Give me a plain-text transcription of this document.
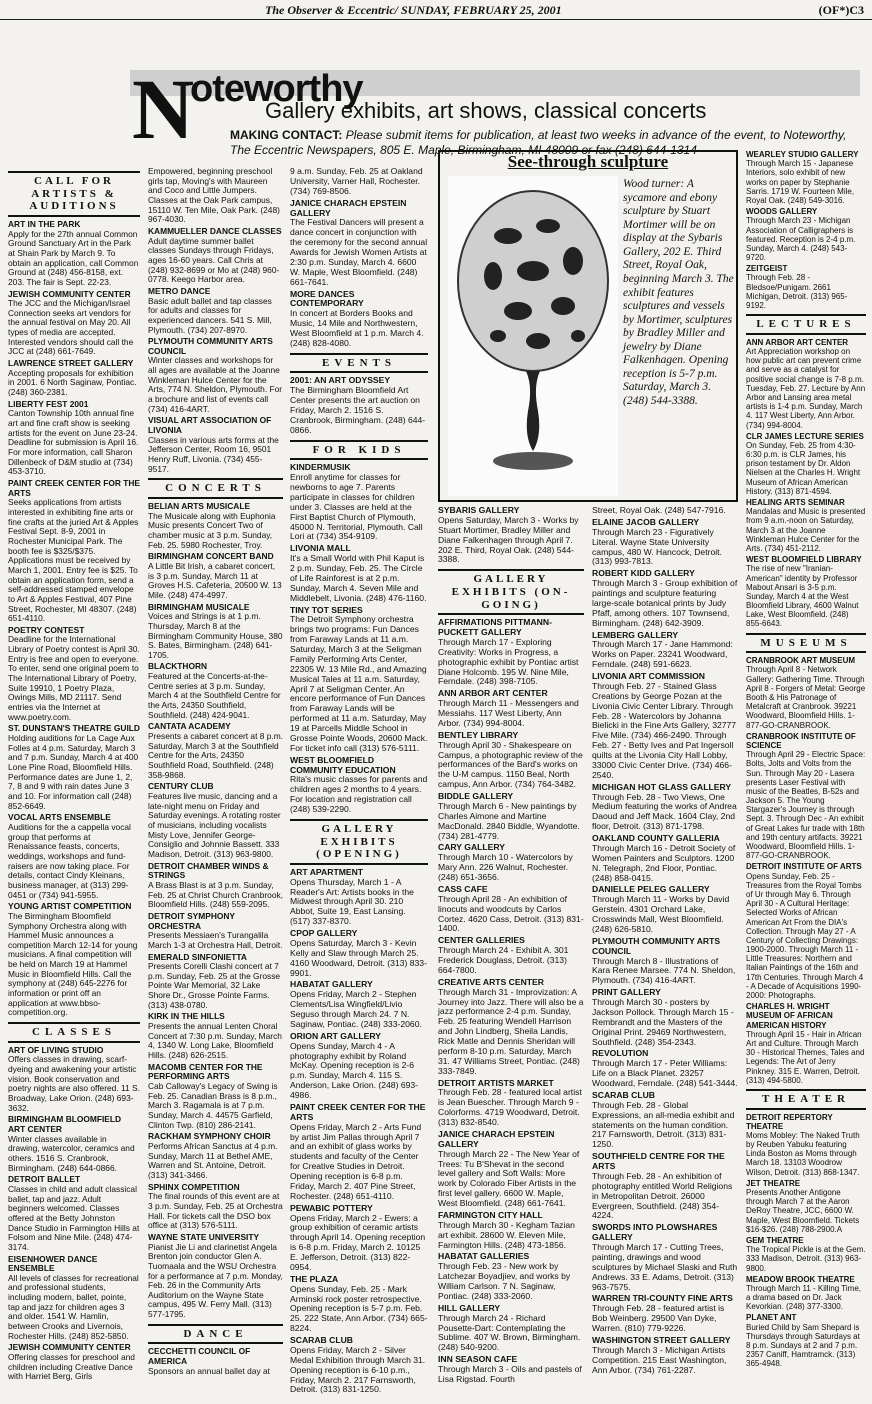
The Observer & Eccentric/ SUNDAY, FEBRUARY 25, 2001	(OF*)C3
N
oteworthy
Gallery exhibits, art shows, classical concerts
MAKING CONTACT: Please submit items for publication, at least two weeks in advance of the event, to Noteworthy, The Eccentric Newspapers, 805 E. Maple, Birmingham, MI 48009 or fax (248) 644-1314
CALL FOR ARTISTS & AUDITIONS
ART IN THE PARK
Apply for the 27th annual Common Ground Sanctuary Art in the Park at Shain Park by March 9. To obtain an application, call Common Ground at (248) 456-8158, ext. 203. The fair is Sept. 22-23.
JEWISH COMMUNITY CENTER
The JCC and the Michigan/Israel Connection seeks art vendors for the annual festival on May 20. All types of media are accepted. Interested vendors should call the JCC at (248) 661-7649.
LAWRENCE STREET GALLERY
Accepting proposals for exhibition in 2001. 6 North Saginaw, Pontiac. (248) 360-2381.
LIBERTY FEST 2001
Canton Township 10th annual fine art and fine craft show is seeking artists for the event on June 23-24. Deadline for submission is April 16. For more information, call Sharon Dillenbeck of D&M studio at (734) 453-3710.
PAINT CREEK CENTER FOR THE ARTS
Seeks applications from artists interested in exhibiting fine arts or fine crafts at the juried Art & Apples Festival Sept. 8-9, 2001 in Rochester Municipal Park. The booth fee is $325/$375. Applications must be received by March 1, 2001. Entry fee is $25. To obtain an application form, send a self-addressed stamped envelope to Art & Apples Festival, 407 Pine Street, Rochester, MI 48307. (248) 651-4110.
POETRY CONTEST
Deadline for the International Library of Poetry contest is April 30. Entry is free and open to everyone. To enter, send one original poem to The International Library of Poetry, Suite 19910, 1 Poetry Plaza, Owings Mills, MD 21117. Send entries via the Internet at www.poetry.com.
ST. DUNSTAN'S THEATRE GUILD
Holding auditions for La Cage Aux Folles at 4 p.m. Saturday, March 3 and 7 p.m. Sunday, March 4 at 400 Lone Pine Road, Bloomfield Hills. Performance dates are June 1, 2, 7, 8 and 9 with rain dates June 3 and 10. For information call (248) 852-6649.
VOCAL ARTS ENSEMBLE
Auditions for the a cappella vocal group that performs at Renaissance feasts, concerts, weddings, workshops and fund-raisers are now taking place. For details, contact Cindy Kleinans, business manager, at (313) 299-0451 or (734) 941-5955.
YOUNG ARTIST COMPETITION
The Birmingham Bloomfield Symphony Orchestra along with Hammel Music announces a competition March 12-14 for young musicians. A final competition will be held on March 19 at Hammel Music in Bloomfield Hills. Call the symphony at (248) 645-2276 for information or print off an application at www.bbso-competition.org.
CLASSES
ART OF LIVING STUDIO
Offers classes in drawing, scarf-dyeing and awakening your artistic vision. Book conservation and poetry nights are also offered. 11 S. Broadway, Lake Orion. (248) 693-3632.
BIRMINGHAM BLOOMFIELD ART CENTER
Winter classes available in drawing, watercolor, ceramics and others. 1516 S. Cranbrook, Birmingham. (248) 644-0866.
DETROIT BALLET
Classes in child and adult classical ballet, tap and jazz. Adult beginners welcomed. Classes offered at the Betty Johnston Dance Studio in Farmington Hills at Folsom and Nine Mile. (248) 474-3174.
EISENHOWER DANCE ENSEMBLE
All levels of classes for recreational and professional students, including modern, ballet, pointe, tap and jazz for children ages 3 and older. 1541 W. Hamlin, between Crooks and Livernois, Rochester Hills. (248) 852-5850.
JEWISH COMMUNITY CENTER
Offering classes for preschool and children including Creative Dance with Harriet Berg, Girls
Empowered, beginning preschool girls tap, Moving's with Maureen and Coco and Little Jumpers. Classes at the Oak Park campus, 15110 W. Ten Mile, Oak Park. (248) 967-4030.
KAMMUELLER DANCE CLASSES
Adult daytime summer ballet classes Sundays through Fridays, ages 16-60 years. Call Chris at (248) 932-8699 or Mo at (248) 960-0778. Keego Harbor area.
METRO DANCE
Basic adult ballet and tap classes for adults and classes for experienced dancers. 541 S. Mill, Plymouth. (734) 207-8970.
PLYMOUTH COMMUNITY ARTS COUNCIL
Winter classes and workshops for all ages are available at the Joanne Winkleman Hulce Center for the Arts, 774 N. Sheldon, Plymouth. For a brochure and list of events call (734) 416-4ART.
VISUAL ART ASSOCIATION OF LIVONIA
Classes in various arts forms at the Jefferson Center, Room 16, 9501 Henry Ruff, Livonia. (734) 455-9517.
CONCERTS
BELIAN ARTS MUSICALE
The Musicale along with Euphonia Music presents Concert Two of chamber music at 3 p.m. Sunday, Feb. 25. 5980 Rochester, Troy.
BIRMINGHAM CONCERT BAND
A Little Bit Irish, a cabaret concert, is 3 p.m. Sunday, March 11 at Groves H.S. Cafeteria, 20500 W. 13 Mile. (248) 474-4997.
BIRMINGHAM MUSICALE
Voices and Strings is at 1 p.m. Thursday, March 8 at the Birmingham Community House, 380 S. Bates, Birmingham. (248) 641-1705.
BLACKTHORN
Featured at the Concerts-at-the-Centre series at 3 p.m. Sunday, March 4 at the Southfield Centre for the Arts, 24350 Southfield, Southfield. (248) 424-9041.
CANTATA ACADEMY
Presents a cabaret concert at 8 p.m. Saturday, March 3 at the Southfield Centre for the Arts, 24350 Southfield Road, Southfield. (248) 358-9868.
CENTURY CLUB
Features live music, dancing and a late-night menu on Friday and Saturday evenings. A rotating roster of musicians, including vocalists Misty Love, Jennifer George-Consiglio and Johnnie Bassett. 333 Madison, Detroit. (313) 963-9800.
DETROIT CHAMBER WINDS & STRINGS
A Brass Blast is at 3 p.m. Sunday, Feb. 25 at Christ Church Cranbrook, Bloomfield Hills. (248) 559-2095.
DETROIT SYMPHONY ORCHESTRA
Presents Messiaen's Turangalila March 1-3 at Orchestra Hall, Detroit.
EMERALD SINFONIETTA
Presents Corelli Clashi concert at 7 p.m. Sunday, Feb. 25 at the Grosse Pointe War Memorial, 32 Lake Shore Dr., Grosse Pointe Farms. (313) 438-0780.
KIRK IN THE HILLS
Presents the annual Lenten Choral Concert at 7:30 p.m. Sunday, March 4, 1340 W. Long Lake, Bloomfield Hills. (248) 626-2515.
MACOMB CENTER FOR THE PERFORMING ARTS
Cab Calloway's Legacy of Swing is Feb. 25. Canadian Brass is 8 p.m., March 3. Ragamala is at 7 p.m. Sunday, March 4. 44575 Garfield, Clinton Twp. (810) 286-2141.
RACKHAM SYMPHONY CHOIR
Performs African Sanctus at 4 p.m. Sunday, March 11 at Bethel AME, Warren and St. Antoine, Detroit. (313) 341-3466.
SPHINX COMPETITION
The final rounds of this event are at 3 p.m. Sunday, Feb. 25 at Orchestra Hall. For tickets call the DSO box office at (313) 576-5111.
WAYNE STATE UNIVERSITY
Pianist Jie Li and clarinetist Angela Brenton join conductor Glen A. Tuomaala and the WSU Orchestra for a performance at 7 p.m. Monday, Feb. 26 in the Community Arts Auditorium on the Wayne State campus, 495 W. Ferry Mall. (313) 577-1795.
DANCE
CECCHETTI COUNCIL OF AMERICA
Sponsors an annual ballet day at
9 a.m. Sunday, Feb. 25 at Oakland University, Varner Hall, Rochester. (734) 769-8506.
JANICE CHARACH EPSTEIN GALLERY
The Festival Dancers will present a dance concert in conjunction with the ceremony for the second annual Awards for Jewish Women Artists at 2:30 p.m. Sunday, March 4. 6600 W. Maple, West Bloomfield. (248) 661-7641.
MORE DANCES CONTEMPORARY
In concert at Borders Books and Music, 14 Mile and Northwestern, West Bloomfield at 1 p.m. March 4. (248) 828-4080.
EVENTS
2001: AN ART ODYSSEY
The Birmingham Bloomfield Art Center presents the art auction on Friday, March 2. 1516 S. Cranbrook, Birmingham. (248) 644-0866.
FOR KIDS
KINDERMUSIK
Enroll anytime for classes for newborns to age 7. Parents participate in classes for children under 3. Classes are held at the First Baptist Church of Plymouth, 45000 N. Territorial, Plymouth. Call Lori at (734) 354-9109.
LIVONIA MALL
It's a Small World with Phil Kaput is 2 p.m. Sunday, Feb. 25. The Circle of Life Rainforest is at 2 p.m. Sunday, March 4. Seven Mile and Middlebelt, Livonia. (248) 476-1160.
TINY TOT SERIES
The Detroit Symphony orchestra brings two programs: Fun Dances from Faraway Lands at 11 a.m. Saturday, March 3 at the Seligman Family Performing Arts Center, 22305 W. 13 Mile Rd., and Amazing Musical Tales at 11 a.m. Saturday, April 7 at Seligman Center. An encore performance of Fun Dances from Faraway Lands will be performed at 11 a.m. Saturday, May 19 at Parcells Middle School in Grosse Pointe Woods, 20600 Mack. For ticket info call (313) 576-5111.
WEST BLOOMFIELD COMMUNITY EDUCATION
Rita's music classes for parents and children ages 2 months to 4 years. For location and registration call (248) 539-2290.
GALLERY EXHIBITS (OPENING)
ART APARTMENT
Opens Thursday, March 1 - A Reader's Art: Artists books in the Midwest through April 30. 210 Abbot, Suite 19, East Lansing. (517) 337-8370.
CPOP GALLERY
Opens Saturday, March 3 - Kevin Kelly and Slaw through March 25. 4160 Woodward, Detroit. (313) 833-9901.
HABATAT GALLERY
Opens Friday, March 2 - Stephen Clements/Lisa Wingfield/Livio Seguso through March 24. 7 N. Saginaw, Pontiac. (248) 333-2060.
ORION ART GALLERY
Opens Sunday, March 4 - A photography exhibit by Roland McKay. Opening reception is 2-6 p.m. Sunday, March 4. 115 S. Anderson, Lake Orion. (248) 693-4986.
PAINT CREEK CENTER FOR THE ARTS
Opens Friday, March 2 - Arts Fund by artist Jim Pallas through April 7 and an exhibit of glass works by students and faculty of the Center for Creative Studies in Detroit. Opening reception is 6-8 p.m. Friday, March 2. 407 Pine Street, Rochester. (248) 651-4110.
PEWABIC POTTERY
Opens Friday, March 2 - Ewers: a group exhibition of ceramic artists through April 14. Opening reception is 6-8 p.m. Friday, March 2. 10125 E. Jefferson, Detroit. (313) 822-0954.
THE PLAZA
Opens Sunday, Feb. 25 - Mark Arminski rock poster retrospective. Opening reception is 5-7 p.m. Feb. 25. 222 State, Ann Arbor. (734) 665-8224.
SCARAB CLUB
Opens Friday, March 2 - Silver Medal Exhibition through March 31. Opening reception is 6-10 p.m., Friday, March 2. 217 Farnsworth, Detroit. (313) 831-1250.
See-through sculpture
Wood turner: A sycamore and ebony sculpture by Stuart Mortimer will be on display at the Sybaris Gallery, 202 E. Third Street, Royal Oak, beginning March 3. The exhibit features sculptures and vessels by Mortimer, sculptures by Bradley Miller and jewelry by Diane Falkenhagen. Opening reception is 5-7 p.m. Saturday, March 3. (248) 544-3388.
SYBARIS GALLERY
Opens Saturday, March 3 - Works by Stuart Mortimer, Bradley Miller and Diane Falkenhagen through April 7. 202 E. Third, Royal Oak. (248) 544-3388.
GALLERY EXHIBITS (ON-GOING)
AFFIRMATIONS PITTMANN-PUCKETT GALLERY
Through March 17 - Exploring Creativity: Works in Progress, a photographic exhibit by Pontiac artist Diane Holcomb. 195 W. Nine Mile, Ferndale. (248) 398-7105.
ANN ARBOR ART CENTER
Through March 11 - Messengers and Messiahs. 117 West Liberty, Ann Arbor. (734) 994-8004.
BENTLEY LIBRARY
Through April 30 - Shakespeare on Campus, a photographic review of the performances of the Bard's works on the U-M campus. 1150 Beal, North campus, Ann Arbor. (734) 764-3482.
BIDDLE GALLERY
Through March 6 - New paintings by Charles Aimone and Martine MacDonald. 2840 Biddle, Wyandotte. (734) 281-4779.
CARY GALLERY
Through March 10 - Watercolors by Mary Ann. 226 Walnut, Rochester. (248) 651-3656.
CASS CAFE
Through April 28 - An exhibition of linocuts and woodcuts by Carlos Cortez. 4620 Cass, Detroit. (313) 831-1400.
CENTER GALLERIES
Through March 24 - Exhibit A. 301 Frederick Douglass, Detroit. (313) 664-7800.
CREATIVE ARTS CENTER
Through March 31 - Improvization: A Journey into Jazz. There will also be a jazz performance 2-4 p.m. Sunday, Feb. 25 featuring Wendell Harrison and John Lindberg, Sheila Landis, Rick Matle and Dennis Sheridan will perform 8-10 p.m. Saturday, March 31. 47 Williams Street, Pontiac. (248) 333-7849.
DETROIT ARTISTS MARKET
Through Feb. 28 - featured local artist is Jean Buescher. Through March 9 - Colorforms. 4719 Woodward, Detroit. (313) 832-8540.
JANICE CHARACH EPSTEIN GALLERY
Through March 22 - The New Year of Trees: Tu B'Shevat in the second level gallery and Soft Walls: More work by Colorado Fiber Artists in the first level gallery. 6600 W. Maple, West Bloomfield. (248) 661-7641.
FARMINGTON CITY HALL
Through March 30 - Kegham Tazian art exhibit. 28600 W. Eleven Mile, Farmington Hills. (248) 473-1856.
HABATAT GALLERIES
Through Feb. 23 - New work by Latchezar Boyadjiev, and works by William Carlson. 7 N. Saginaw, Pontiac. (248) 333-2060.
HILL GALLERY
Through March 24 - Richard Pousette-Dart: Contemplating the Sublime. 407 W. Brown, Birmingham. (248) 540-9200.
INN SEASON CAFE
Through March 3 - Oils and pastels of Lisa Rigstad. Fourth
Street, Royal Oak. (248) 547-7916.
ELAINE JACOB GALLERY
Through March 23 - Figuratively Literal. Wayne State University campus, 480 W. Hancock, Detroit. (313) 993-7813.
ROBERT KIDD GALLERY
Through March 3 - Group exhibition of paintings and sculpture featuring large-scale botanical prints by Judy Pfaff, among others. 107 Townsend, Birmingham. (248) 642-3909.
LEMBERG GALLERY
Through March 17 - Jane Hammond: Works on Paper. 23241 Woodward, Ferndale. (248) 591-6623.
LIVONIA ART COMMISSION
Through Feb. 27 - Stained Glass Creations by George Pozan at the Livonia Civic Center Library. Through Feb. 28 - Watercolors by Johanna Bielicki in the Fine Arts Gallery, 32777 Five Mile. (734) 466-2490. Through Feb. 27 - Betty Ives and Pat Ingersoll quilts at the Livonia City Hall Lobby, 33000 Civic Center Drive. (734) 466-2540.
MICHIGAN HOT GLASS GALLERY
Through Feb. 28 - Two Views, One Medium featuring the works of Andrea Daoud and Jeff Mack. 1604 Clay, 2nd floor, Detroit. (313) 871-1798.
OAKLAND COUNTY GALLERIA
Through March 16 - Detroit Society of Women Painters and Sculptors. 1200 N. Telegraph, 2nd Floor, Pontiac. (248) 858-0415.
DANIELLE PELEG GALLERY
Through March 11 - Works by David Gerstein. 4301 Orchard Lake, Crosswinds Mall, West Bloomfield. (248) 626-5810.
PLYMOUTH COMMUNITY ARTS COUNCIL
Through March 8 - Illustrations of Kara Renee Marsee. 774 N. Sheldon, Plymouth. (734) 416-4ART.
PRINT GALLERY
Through March 30 - posters by Jackson Pollock. Through March 15 - Rembrandt and the Masters of the Original Print. 29469 Northwestern, Southfield. (248) 354-2343.
REVOLUTION
Through March 17 - Peter Williams: Life on a Black Planet. 23257 Woodward, Ferndale. (248) 541-3444.
SCARAB CLUB
Through Feb. 28 - Global Expressions, an all-media exhibit and statements on the human condition. 217 Farnsworth, Detroit. (313) 831-1250.
SOUTHFIELD CENTRE FOR THE ARTS
Through Feb. 28 - An exhibition of photography entitled World Religions in Metropolitan Detroit. 26000 Evergreen, Southfield. (248) 354-4224.
SWORDS INTO PLOWSHARES GALLERY
Through March 17 - Cutting Trees, painting, drawings and wood sculptures by Michael Slaski and Ruth Andrews. 33 E. Adams, Detroit. (313) 963-7575.
WARREN TRI-COUNTY FINE ARTS
Through Feb. 28 - featured artist is Bob Weinberg. 29500 Van Dyke, Warren. (810) 779-9226.
WASHINGTON STREET GALLERY
Through March 3 - Michigan Artists Competition. 215 East Washington, Ann Arbor. (734) 761-2287.
WEARLEY STUDIO GALLERY
Through March 15 - Japanese Interiors, solo exhibit of new works on paper by Stephanie Sarris. 1719 W. Fourteen Mile, Royal Oak. (248) 549-3016.
WOODS GALLERY
Through March 23 - Michigan Association of Calligraphers is featured. Reception is 2-4 p.m. Sunday, March 4. (248) 543-9720.
ZEITGEIST
Through Feb. 28 - Bledsoe/Punigam. 2661 Michigan, Detroit. (313) 965-9192.
LECTURES
ANN ARBOR ART CENTER
Art Appreciation workshop on how public art can prevent crime and serve as a catalyst for positive social change is 7-8 p.m. Tuesday, Feb. 27. Lecture by Ann Arbor and Lansing area metal artists is 1-4 p.m. Sunday, March 4. 117 West Liberty, Ann Arbor. (734) 994-8004.
CLR JAMES LECTURE SERIES
On Sunday, Feb. 25 from 4:30-6:30 p.m. is CLR James, his prison testament by Dr. Aldon Nielsen at the Charles H. Wright Museum of African American History. (313) 871-4594.
HEALING ARTS SEMINAR
Mandalas and Music is presented from 9 a.m.-noon on Saturday, March 3 at the Joanne Winkleman Hulce Center for the Arts. (734) 451-2112.
WEST BLOOMFIELD LIBRARY
The rise of new "Iranian-American" identity by Professor Mabout Ansari is 3-5 p.m. Sunday, March 4 at the West Bloomfield Library, 4600 Walnut Lake, West Bloomfield. (248) 855-6643.
MUSEUMS
CRANBROOK ART MUSEUM
Through April 8 - Network Gallery: Gathering Time. Through April 8 - Forgers of Metal: George Booth & His Patronage of Metalcraft at Cranbrook. 39221 Woodward, Bloomfield Hills. 1-877-GO-CRANBROOK.
CRANBROOK INSTITUTE OF SCIENCE
Through April 29 - Electric Space: Bolts, Jolts and Volts from the Sun. Through May 20 - Lasera presents Laser Festival with music of the Beatles, B-52s and Jackson 5. The Young Stargazer's Journey is through Sept. 3. Through Dec - An exhibit of Great Lakes fur trade with 18th and 19th century artifacts. 39221 Woodward, Bloomfield Hills. 1-877-GO-CRANBROOK.
DETROIT INSTITUTE OF ARTS
Opens Sunday, Feb. 25 - Treasures from the Royal Tombs of Ur through May 6. Through April 30 - A Cultural Heritage: Selected Works of African American Art From the DIA's Collection. Through May 27 - A Century of Collecting Drawings: 1900-2000. Through March 11 - Little Treasures: Northern and Italian Paintings of the 16th and 17th Centuries. Through March 4 - A Decade of Acquisitions 1990-2000: Photographs.
CHARLES H. WRIGHT MUSEUM OF AFRICAN AMERICAN HISTORY
Through April 15 - Hair in African Art and Culture. Through March 30 - Historical Themes, Tales and Legends: The Art of Jerry Pinkney. 315 E. Warren, Detroit. (313) 494-5800.
THEATER
DETROIT REPERTORY THEATRE
Moms Mobley: The Naked Truth by Reuben Yabuku featuring Linda Boston as Moms through March 18. 13103 Woodrow Wilson, Detroit. (313) 868-1347.
JET THEATRE
Presents Another Antigone through March 7 at the Aaron DeRoy Theatre, JCC, 6600 W. Maple, West Bloomfield. Tickets $16-$26. (248) 788-2900.A
GEM THEATRE
The Tropical Pickle is at the Gem. 333 Madison, Detroit. (313) 963-9800.
MEADOW BROOK THEATRE
Through March 11 - Killing Time, a drama based on Dr. Jack Kevorkian. (248) 377-3300.
PLANET ANT
Buried Child by Sam Shepard is Thursdays through Saturdays at 8 p.m. Sundays at 2 and 7 p.m. 2357 Caniff, Hamtramck. (313) 365-4948.
